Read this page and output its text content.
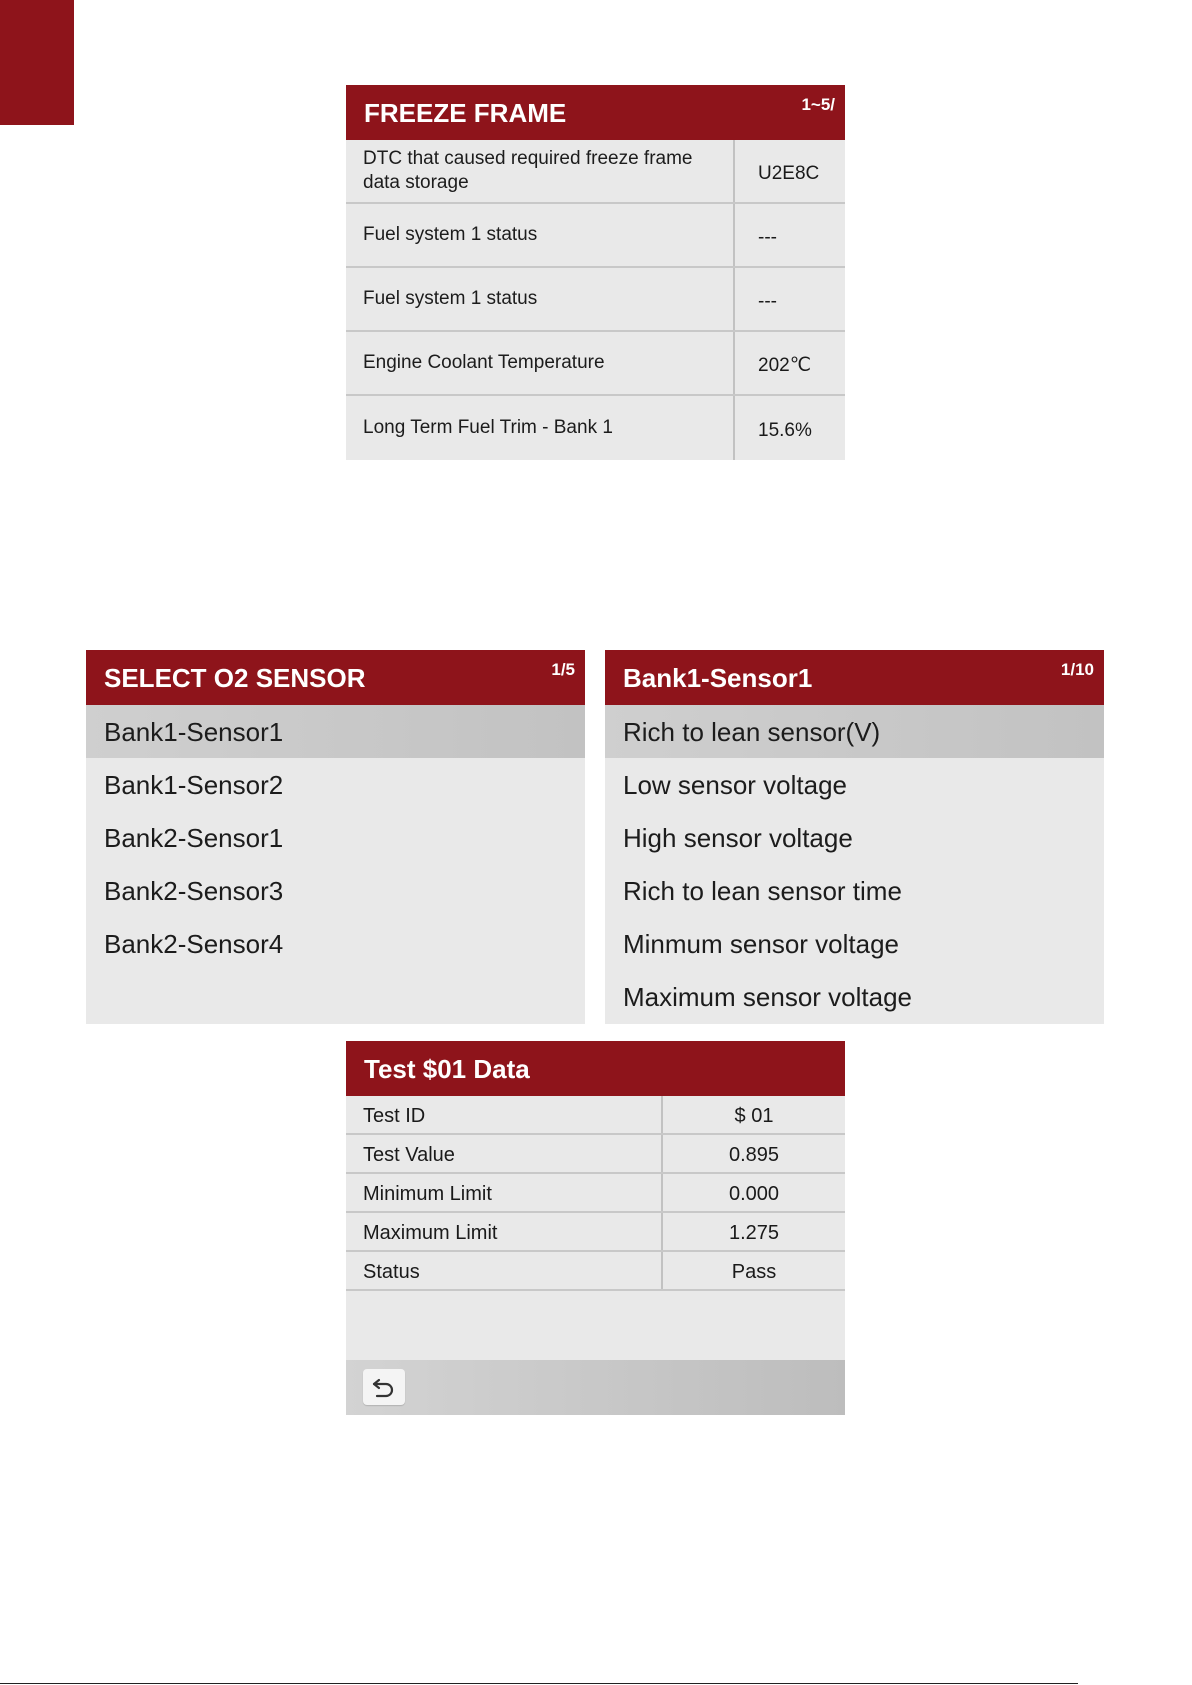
FREEZE FRAME	1~5/
DTC that caused required freeze frame data storage	U2E8C
Fuel system 1 status	---
Fuel system 1 status	---
Engine Coolant Temperature	202℃
Long Term Fuel Trim - Bank 1	15.6%
SELECT O2 SENSOR	1/5
Bank1-Sensor1
Bank1-Sensor2
Bank2-Sensor1
Bank2-Sensor3
Bank2-Sensor4
Bank1-Sensor1	1/10
Rich to lean sensor(V)
Low sensor voltage
High sensor voltage
Rich to lean sensor time
Minmum sensor voltage
Maximum sensor voltage
Test $01 Data
Test ID	$ 01
Test Value	0.895
Minimum Limit	0.000
Maximum Limit	1.275
Status	Pass
